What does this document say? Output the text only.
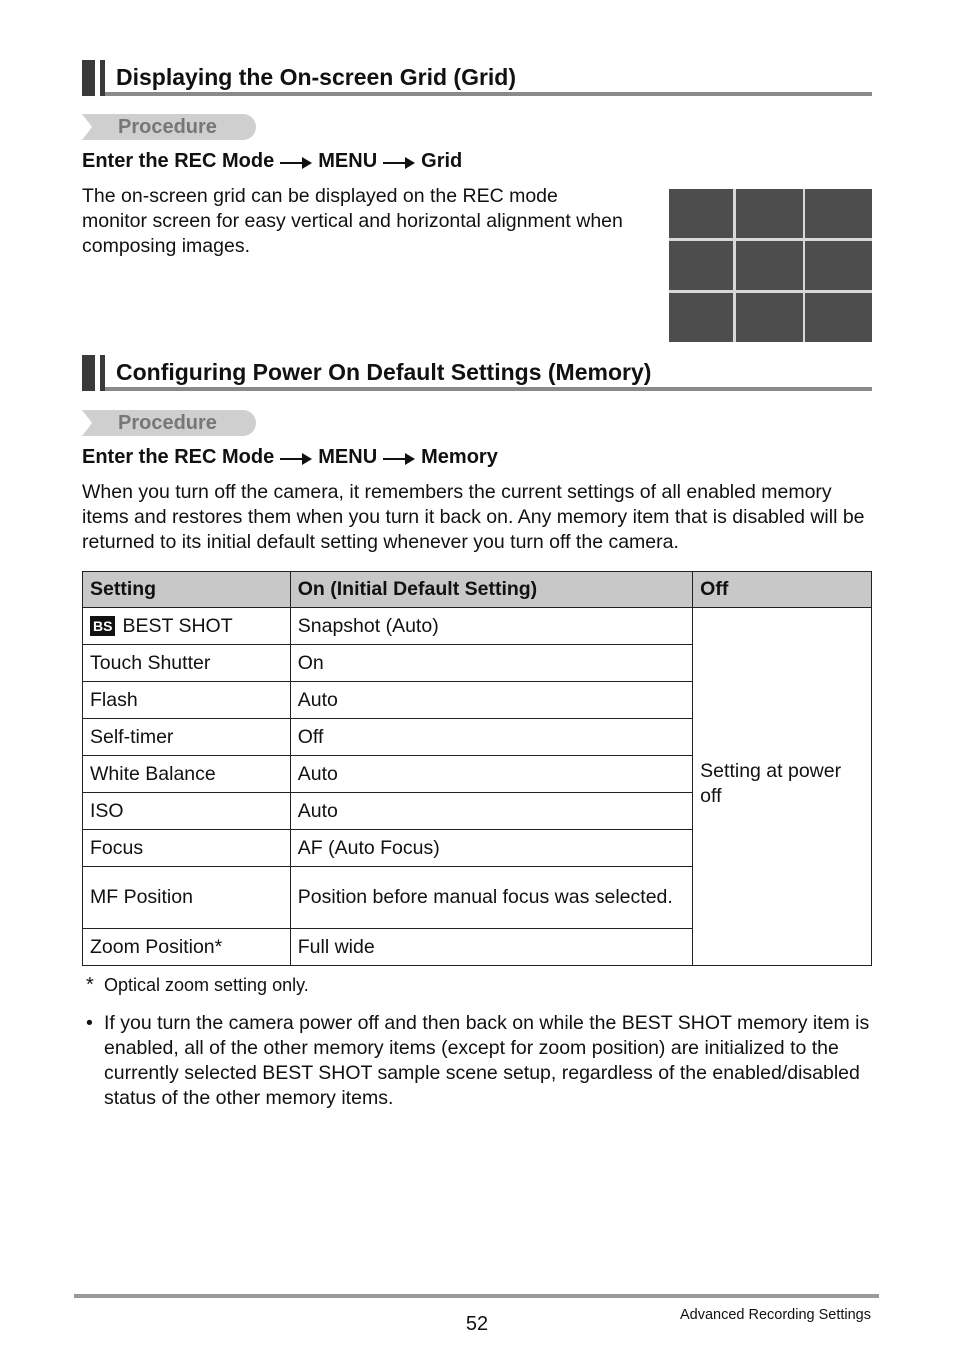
Displaying the On-screen Grid (Grid)
Procedure
Enter the REC Mode MENU Grid
The on-screen grid can be displayed on the REC mode monitor screen for easy vertical and horizontal alignment when composing images.
Configuring Power On Default Settings (Memory)
Procedure
Enter the REC Mode MENU Memory
When you turn off the camera, it remembers the current settings of all enabled memory items and restores them when you turn it back on. Any memory item that is disabled will be returned to its initial default setting whenever you turn off the camera.
Setting	On (Initial Default Setting)	Off
BS BEST SHOT	Snapshot (Auto)	Setting at power off
Touch Shutter	On	
Flash	Auto	
Self-timer	Off	
White Balance	Auto	
ISO	Auto	
Focus	AF (Auto Focus)	
MF Position	Position before manual focus was selected.	
Zoom Position*	Full wide	
* Optical zoom setting only.
• If you turn the camera power off and then back on while the BEST SHOT memory item is enabled, all of the other memory items (except for zoom position) are initialized to the currently selected BEST SHOT sample scene setup, regardless of the enabled/disabled status of the other memory items.
52	Advanced Recording Settings
